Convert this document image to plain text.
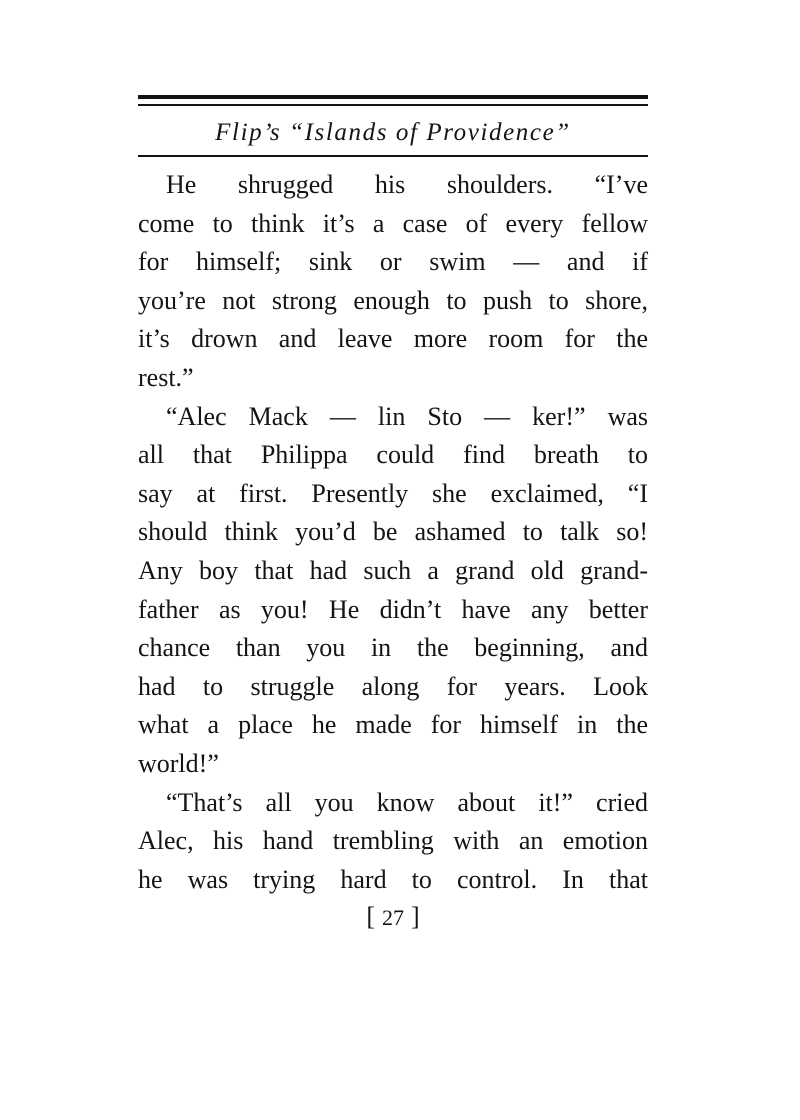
Flip’s “Islands of Providence”
He shrugged his shoulders. “I’ve
come to think it’s a case of every fellow
for himself; sink or swim — and if
you’re not strong enough to push to shore,
it’s drown and leave more room for the
rest.”
“Alec Mack — lin Sto — ker!” was
all that Philippa could find breath to
say at first. Presently she exclaimed, “I
should think you’d be ashamed to talk so!
Any boy that had such a grand old grand-
father as you! He didn’t have any better
chance than you in the beginning, and
had to struggle along for years. Look
what a place he made for himself in the
world!”
“That’s all you know about it!” cried
Alec, his hand trembling with an emotion
he was trying hard to control. In that
[ 27 ]
